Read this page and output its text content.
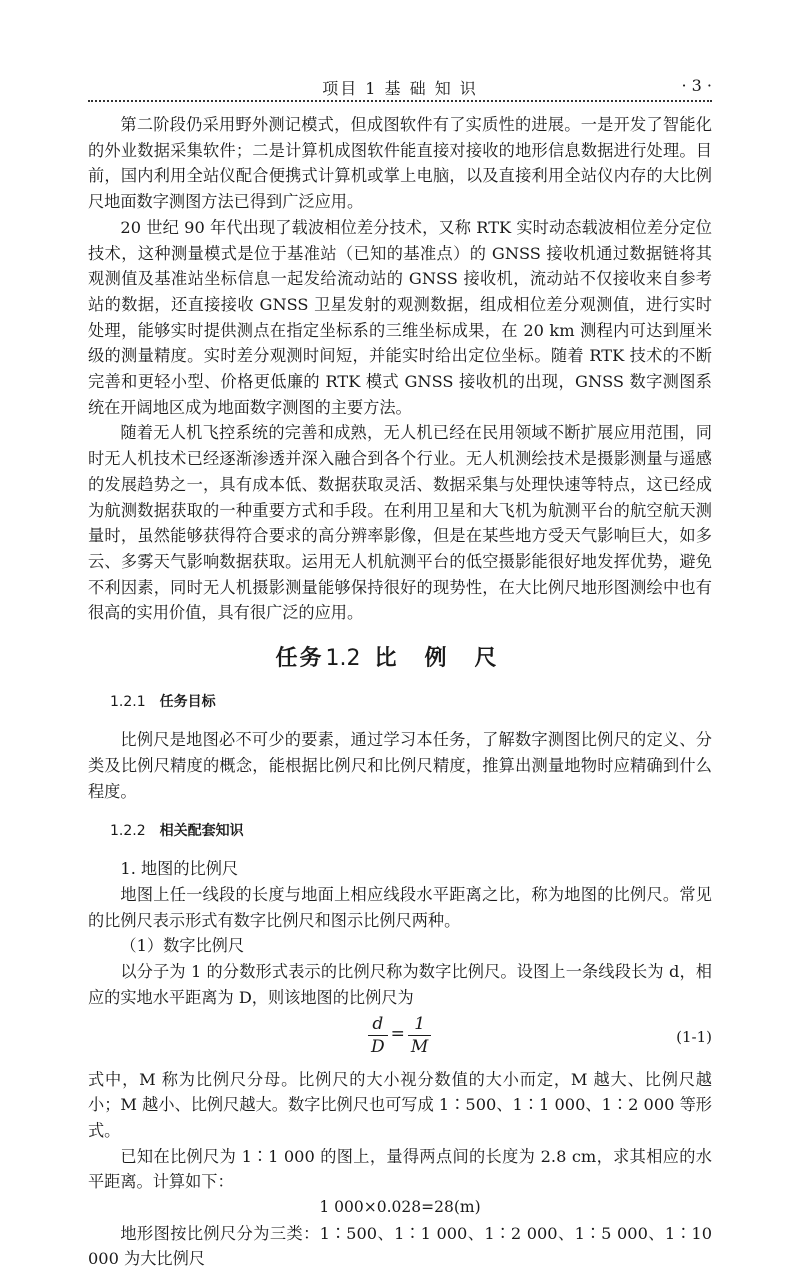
项目 1 基 础 知 识	· 3 ·

第二阶段仍采用野外测记模式，但成图软件有了实质性的进展。一是开发了智能化的外业数据采集软件；二是计算机成图软件能直接对接收的地形信息数据进行处理。目前，国内利用全站仪配合便携式计算机或掌上电脑，以及直接利用全站仪内存的大比例尺地面数字测图方法已得到广泛应用。

20 世纪 90 年代出现了载波相位差分技术，又称 RTK 实时动态载波相位差分定位技术，这种测量模式是位于基准站（已知的基准点）的 GNSS 接收机通过数据链将其观测值及基准站坐标信息一起发给流动站的 GNSS 接收机，流动站不仅接收来自参考站的数据，还直接接收 GNSS 卫星发射的观测数据，组成相位差分观测值，进行实时处理，能够实时提供测点在指定坐标系的三维坐标成果，在 20 km 测程内可达到厘米级的测量精度。实时差分观测时间短，并能实时给出定位坐标。随着 RTK 技术的不断完善和更轻小型、价格更低廉的 RTK 模式 GNSS 接收机的出现，GNSS 数字测图系统在开阔地区成为地面数字测图的主要方法。

随着无人机飞控系统的完善和成熟，无人机已经在民用领域不断扩展应用范围，同时无人机技术已经逐渐渗透并深入融合到各个行业。无人机测绘技术是摄影测量与遥感的发展趋势之一，具有成本低、数据获取灵活、数据采集与处理快速等特点，这已经成为航测数据获取的一种重要方式和手段。在利用卫星和大飞机为航测平台的航空航天测量时，虽然能够获得符合要求的高分辨率影像，但是在某些地方受天气影响巨大，如多云、多雾天气影响数据获取。运用无人机航测平台的低空摄影能很好地发挥优势，避免不利因素，同时无人机摄影测量能够保持很好的现势性，在大比例尺地形图测绘中也有很高的实用价值，具有很广泛的应用。

任务1.2 比例尺
1.2.1 任务目标

比例尺是地图必不可少的要素，通过学习本任务，了解数字测图比例尺的定义、分类及比例尺精度的概念，能根据比例尺和比例尺精度，推算出测量地物时应精确到什么程度。

1.2.2 相关配套知识

1. 地图的比例尺

地图上任一线段的长度与地面上相应线段水平距离之比，称为地图的比例尺。常见的比例尺表示形式有数字比例尺和图示比例尺两种。

（1）数字比例尺

以分子为 1 的分数形式表示的比例尺称为数字比例尺。设图上一条线段长为 d，相应的实地水平距离为 D，则该地图的比例尺为

$\frac{d}{D} = \frac{1}{M}$	(1-1)

式中，M 称为比例尺分母。比例尺的大小视分数值的大小而定，M 越大、比例尺越小；M 越小、比例尺越大。数字比例尺也可写成 1∶500、1∶1 000、1∶2 000 等形式。

已知在比例尺为 1∶1 000 的图上，量得两点间的长度为 2.8 cm，求其相应的水平距离。计算如下：

1 000×0.028=28(m)

地形图按比例尺分为三类：1∶500、1∶1 000、1∶2 000、1∶5 000、1∶10 000 为大比例尺
